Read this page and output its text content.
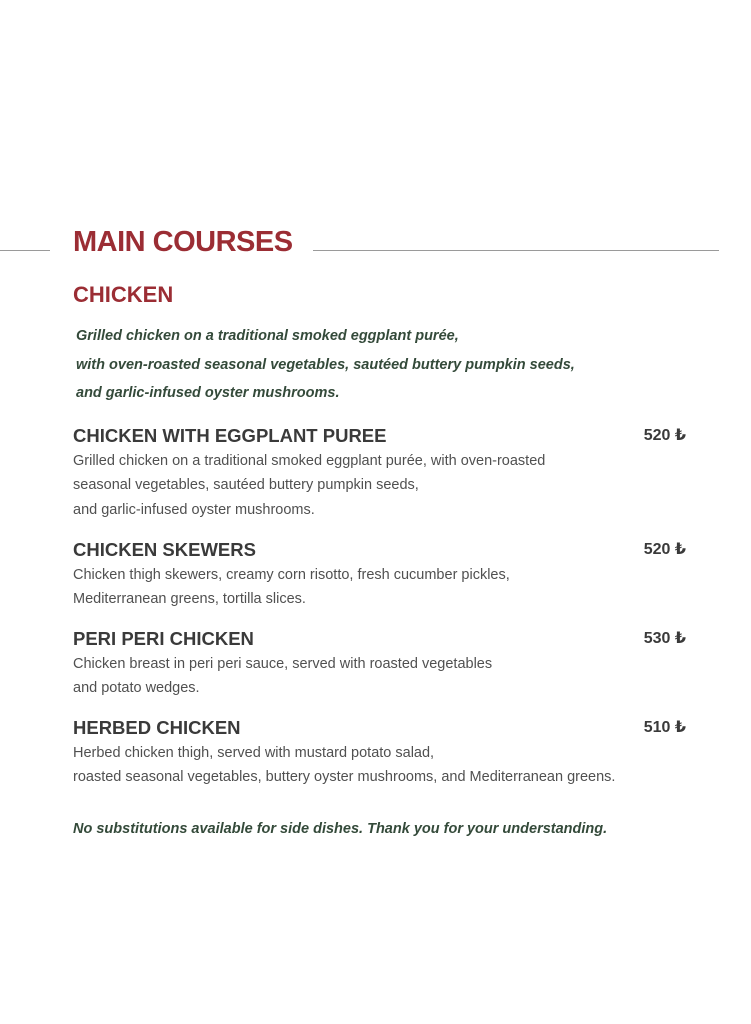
MAIN COURSES
CHICKEN
Grilled chicken on a traditional smoked eggplant purée,
with oven-roasted seasonal vegetables, sautéed buttery pumpkin seeds,
and garlic-infused oyster mushrooms.
CHICKEN WITH EGGPLANT PUREE	520 ₺
Grilled chicken on a traditional smoked eggplant purée, with oven-roasted
seasonal vegetables, sautéed buttery pumpkin seeds,
and garlic-infused oyster mushrooms.
CHICKEN SKEWERS	520 ₺
Chicken thigh skewers, creamy corn risotto, fresh cucumber pickles,
Mediterranean greens, tortilla slices.
PERI PERI CHICKEN	530 ₺
Chicken breast in peri peri sauce, served with roasted vegetables
and potato wedges.
HERBED CHICKEN	510 ₺
Herbed chicken thigh, served with mustard potato salad,
roasted seasonal vegetables, buttery oyster mushrooms, and Mediterranean greens.

No substitutions available for side dishes. Thank you for your understanding.
